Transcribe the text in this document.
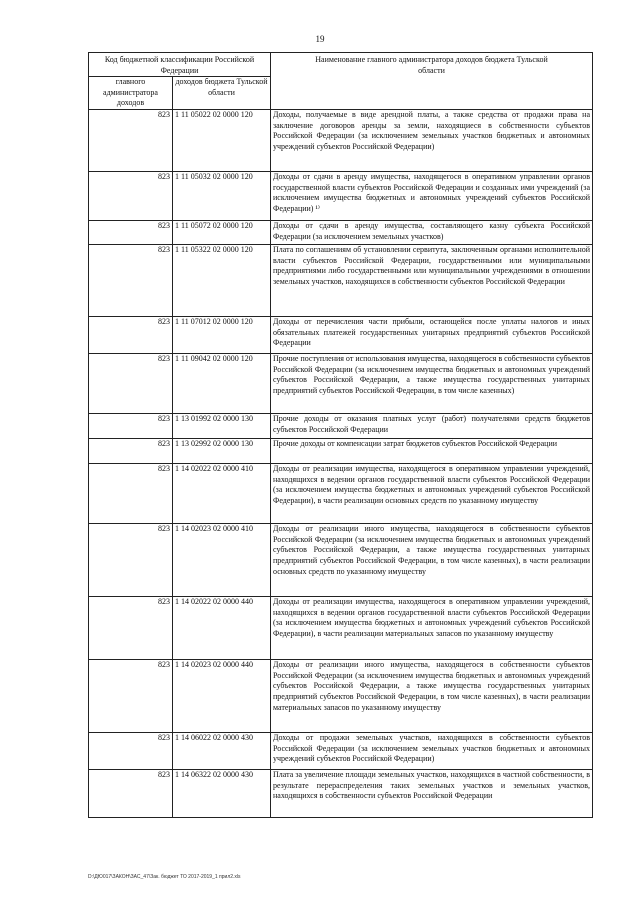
19
Код бюджетной классификации Российской Федерации		Наименование главного администратора доходов бюджета Тульской области
главного администратора доходов	доходов бюджета Тульской области	
823	1 11 05022 02 0000 120	Доходы, получаемые в виде арендной платы, а также средства от продажи права на заключение договоров аренды за земли, находящиеся в собственности субъектов Российской Федерации (за исключением земельных участков бюджетных и автономных учреждений субъектов Российской Федерации)
823	1 11 05032 02 0000 120	Доходы от сдачи в аренду имущества, находящегося в оперативном управлении органов государственной власти субъектов Российской Федерации и созданных ими учреждений (за исключением имущества бюджетных и автономных учреждений субъектов Российской Федерации) ¹⁾
823	1 11 05072 02 0000 120	Доходы от сдачи в аренду имущества, составляющего казну субъекта Российской Федерации (за исключением земельных участков)
823	1 11 05322 02 0000 120	Плата по соглашениям об установлении сервитута, заключенным органами исполнительной власти субъектов Российской Федерации, государственными или муниципальными предприятиями либо государственными или муниципальными учреждениями в отношении земельных участков, находящихся в собственности субъектов Российской Федерации
823	1 11 07012 02 0000 120	Доходы от перечисления части прибыли, остающейся после уплаты налогов и иных обязательных платежей государственных унитарных предприятий субъектов Российской Федерации
823	1 11 09042 02 0000 120	Прочие поступления от использования имущества, находящегося в собственности субъектов Российской Федерации (за исключением имущества бюджетных и автономных учреждений субъектов Российской Федерации, а также имущества государственных унитарных предприятий субъектов Российской Федерации, в том числе казенных)
823	1 13 01992 02 0000 130	Прочие доходы от оказания платных услуг (работ) получателями средств бюджетов субъектов Российской Федерации
823	1 13 02992 02 0000 130	Прочие доходы от компенсации затрат бюджетов субъектов Российской Федерации
823	1 14 02022 02 0000 410	Доходы от реализации имущества, находящегося в оперативном управлении учреждений, находящихся в ведении органов государственной власти субъектов Российской Федерации (за исключением имущества бюджетных и автономных учреждений субъектов Российской Федерации), в части реализации основных средств по указанному имуществу
823	1 14 02023 02 0000 410	Доходы от реализации иного имущества, находящегося в собственности субъектов Российской Федерации (за исключением имущества бюджетных и автономных учреждений субъектов Российской Федерации, а также имущества государственных унитарных предприятий субъектов Российской Федерации, в том числе казенных), в части реализации основных средств по указанному имуществу
823	1 14 02022 02 0000 440	Доходы от реализации имущества, находящегося в оперативном управлении учреждений, находящихся в ведении органов государственной власти субъектов Российской Федерации (за исключением имущества бюджетных и автономных учреждений субъектов Российской Федерации), в части реализации материальных запасов по указанному имуществу
823	1 14 02023 02 0000 440	Доходы от реализации иного имущества, находящегося в собственности субъектов Российской Федерации (за исключением имущества бюджетных и автономных учреждений субъектов Российской Федерации, а также имущества государственных унитарных предприятий субъектов Российской Федерации, в том числе казенных), в части реализации материальных запасов по указанному имуществу
823	1 14 06022 02 0000 430	Доходы от продажи земельных участков, находящихся в собственности субъектов Российской Федерации (за исключением земельных участков бюджетных и автономных учреждений субъектов Российской Федерации)
823	1 14 06322 02 0000 430	Плата за увеличение площади земельных участков, находящихся в частной собственности, в результате перераспределения таких земельных участков и земельных участков, находящихся в собственности субъектов Российской Федерации
D:\ДЮ017\ЗАКОН\ЗАС_47\Зак. бюджет ТО 2017-2019_1 прил2.xls
